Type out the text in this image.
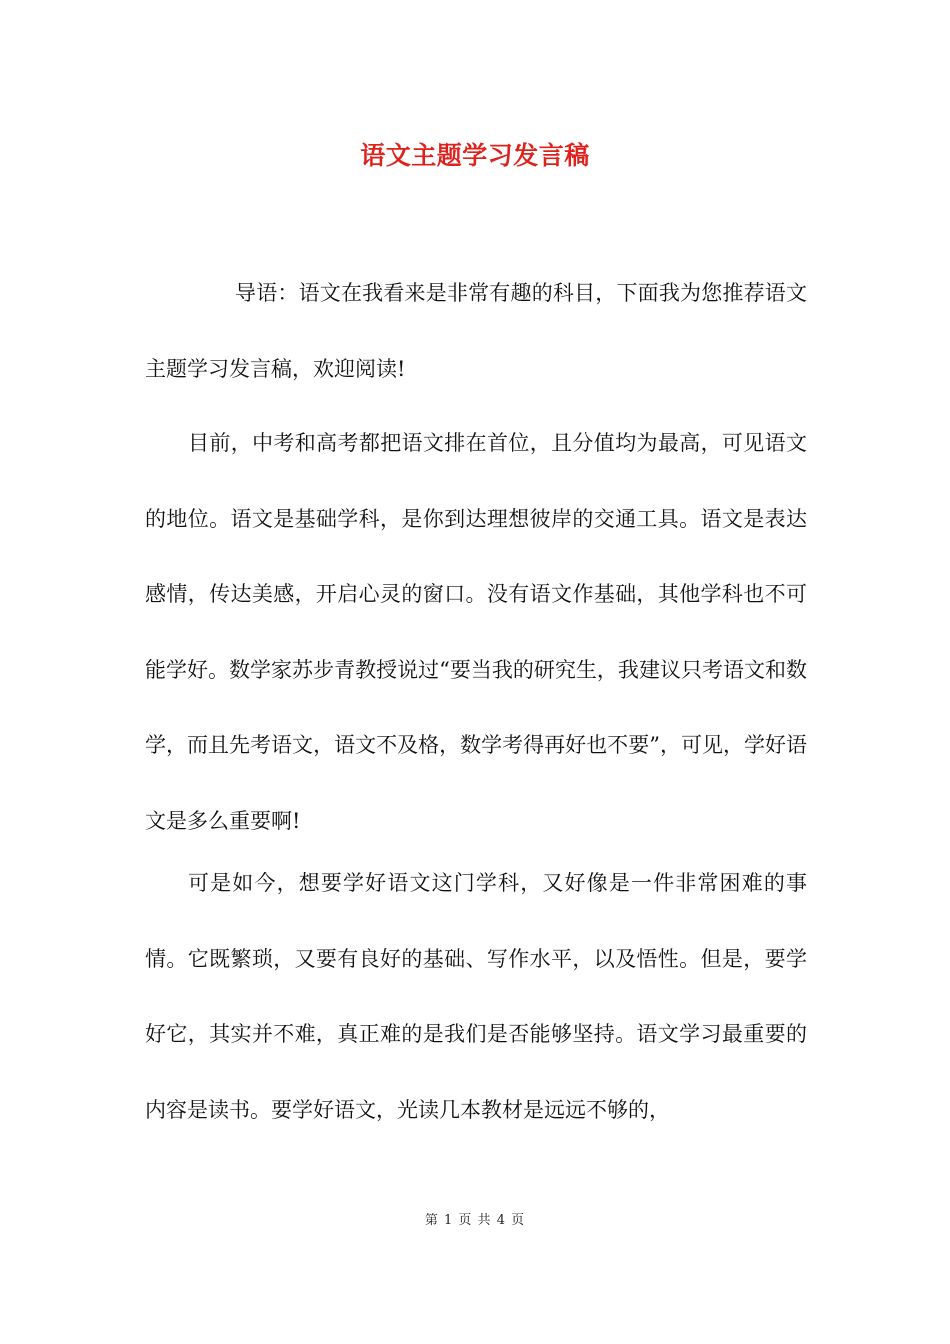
语文主题学习发言稿

导语：语文在我看来是非常有趣的科目，下面我为您推荐语文主题学习发言稿，欢迎阅读!

目前，中考和高考都把语文排在首位，且分值均为最高，可见语文的地位。语文是基础学科，是你到达理想彼岸的交通工具。语文是表达感情，传达美感，开启心灵的窗口。没有语文作基础，其他学科也不可能学好。数学家苏步青教授说过“要当我的研究生，我建议只考语文和数学，而且先考语文，语文不及格，数学考得再好也不要”，可见，学好语文是多么重要啊!

可是如今，想要学好语文这门学科，又好像是一件非常困难的事情。它既繁琐，又要有良好的基础、写作水平，以及悟性。但是，要学好它，其实并不难，真正难的是我们是否能够坚持。语文学习最重要的内容是读书。要学好语文，光读几本教材是远远不够的，

第 1 页 共 4 页
